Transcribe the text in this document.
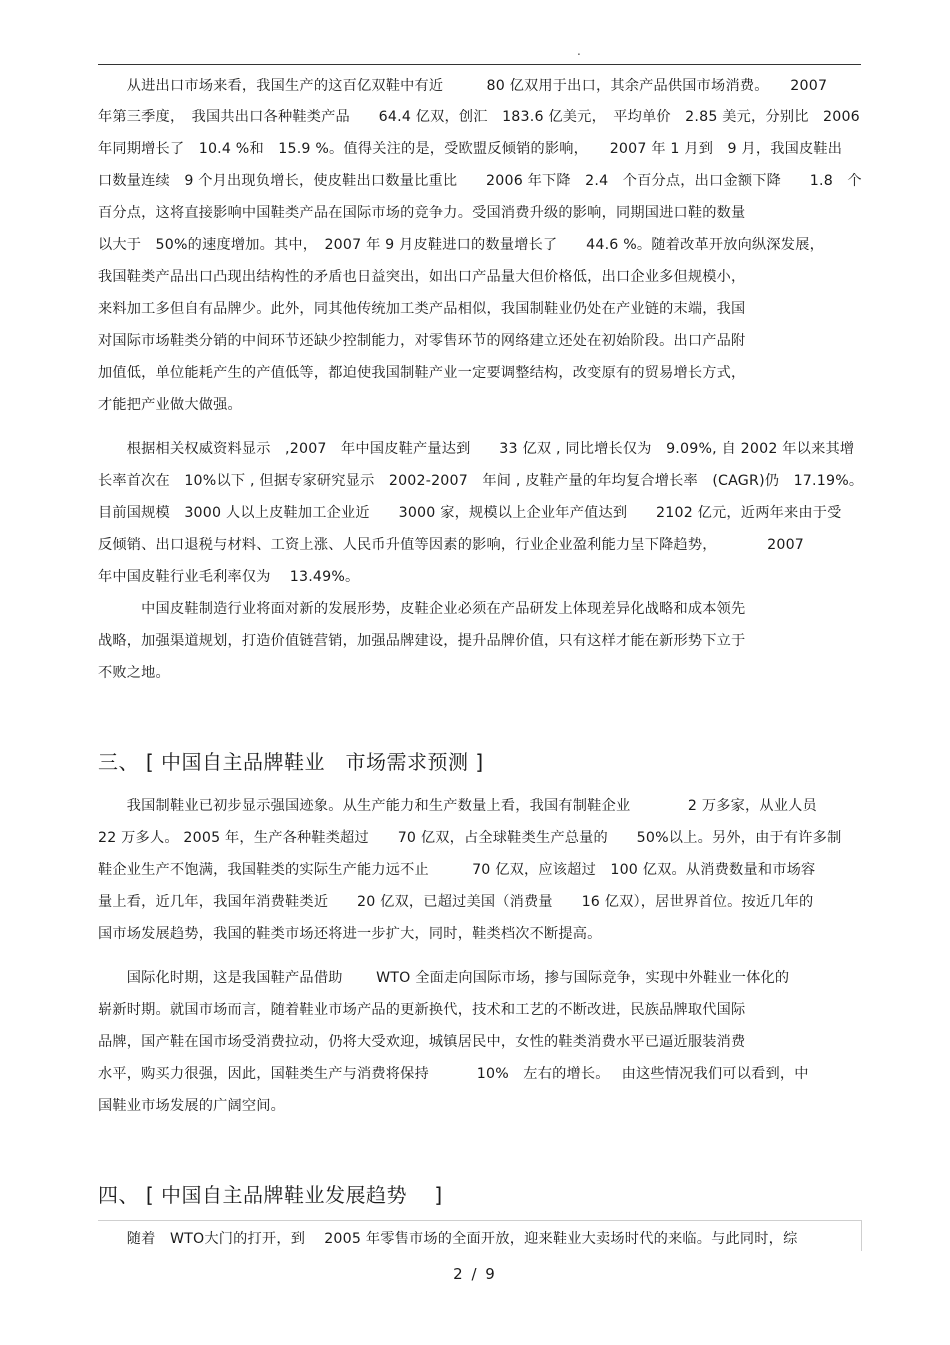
.
　　从进出口市场来看，我国生产的这百亿双鞋中有近　　　80 亿双用于出口，其余产品供国市场消费。　　2007
年第三季度，　我国共出口各种鞋类产品　　64.4 亿双，创汇　183.6 亿美元，　平均单价　2.85 美元，分别比　2006
年同期增长了　10.4 %和　15.9 %。值得关注的是，受欧盟反倾销的影响，　　2007 年 1 月到　9 月，我国皮鞋出
口数量连续　9 个月出现负增长，使皮鞋出口数量比重比　　2006 年下降　2.4　个百分点，出口金额下降　　1.8　个
百分点，这将直接影响中国鞋类产品在国际市场的竞争力。受国消费升级的影响，同期国进口鞋的数量
以大于　50%的速度增加。其中，　2007 年 9 月皮鞋进口的数量增长了　　44.6 %。随着改革开放向纵深发展，
我国鞋类产品出口凸现出结构性的矛盾也日益突出，如出口产品量大但价格低，出口企业多但规模小，
来料加工多但自有品牌少。此外，同其他传统加工类产品相似，我国制鞋业仍处在产业链的末端，我国
对国际市场鞋类分销的中间环节还缺少控制能力，对零售环节的网络建立还处在初始阶段。出口产品附
加值低，单位能耗产生的产值低等，都迫使我国制鞋产业一定要调整结构，改变原有的贸易增长方式，
才能把产业做大做强。
　　根据相关权威资料显示　,2007　年中国皮鞋产量达到　　33 亿双 , 同比增长仅为　9.09%, 自 2002 年以来其增
长率首次在　10%以下 , 但据专家研究显示　2002-2007　年间 , 皮鞋产量的年均复合增长率　(CAGR)仍　17.19%。
目前国规模　3000 人以上皮鞋加工企业近　　3000 家，规模以上企业年产值达到　　2102 亿元，近两年来由于受
反倾销、出口退税与材料、工资上涨、人民币升值等因素的影响，行业企业盈利能力呈下降趋势，　　　　2007
年中国皮鞋行业毛利率仅为　 13.49%。
　　　中国皮鞋制造行业将面对新的发展形势，皮鞋企业必须在产品研发上体现差异化战略和成本领先
战略，加强渠道规划，打造价值链营销，加强品牌建设，提升品牌价值，只有这样才能在新形势下立于
不败之地。
三、 [ 中国自主品牌鞋业　市场需求预测 ]
　　我国制鞋业已初步显示强国迹象。从生产能力和生产数量上看，我国有制鞋企业　　　　2 万多家，从业人员
22 万多人。 2005 年，生产各种鞋类超过　　70 亿双，占全球鞋类生产总量的　　50%以上。另外，由于有许多制
鞋企业生产不饱满，我国鞋类的实际生产能力远不止　　　70 亿双，应该超过　100 亿双。从消费数量和市场容
量上看，近几年，我国年消费鞋类近　　20 亿双，已超过美国（消费量　　16 亿双），居世界首位。按近几年的
国市场发展趋势，我国的鞋类市场还将进一步扩大，同时，鞋类档次不断提高。
　　国际化时期，这是我国鞋产品借助　　 WTO 全面走向国际市场，掺与国际竞争，实现中外鞋业一体化的
崭新时期。就国市场而言，随着鞋业市场产品的更新换代，技术和工艺的不断改进，民族品牌取代国际
品牌，国产鞋在国市场受消费拉动，仍将大受欢迎，城镇居民中，女性的鞋类消费水平已逼近服装消费
水平，购买力很强，因此，国鞋类生产与消费将保持　　　 10%　左右的增长。　 由这些情况我们可以看到，中
国鞋业市场发展的广阔空间。
四、 [ 中国自主品牌鞋业发展趋势　 ]
　　随着　WTO大门的打开，到　 2005 年零售市场的全面开放，迎来鞋业大卖场时代的来临。与此同时，综
2 / 9
